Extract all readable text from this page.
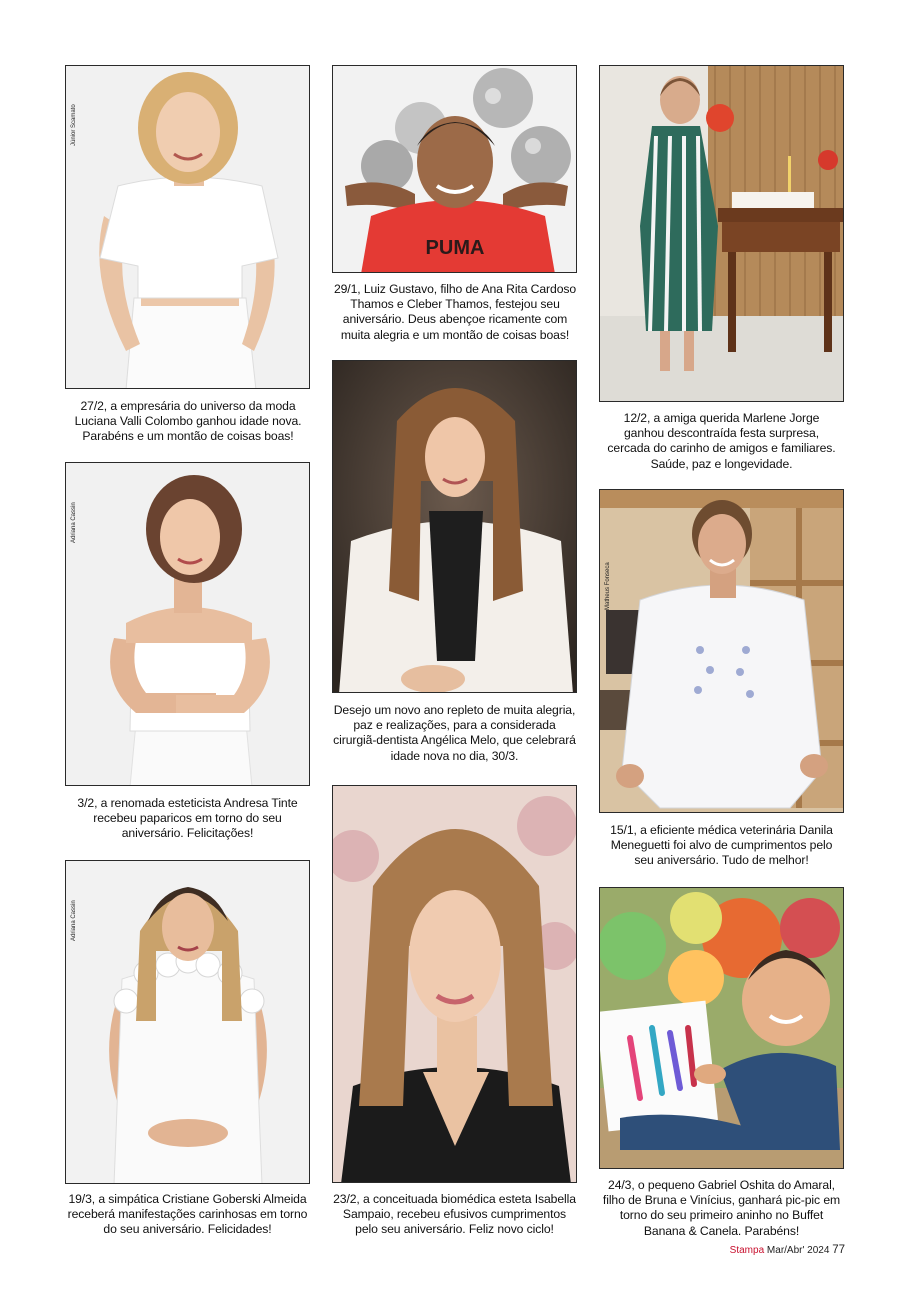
Júnior Scamato
27/2, a empresária do universo da moda Luciana Valli Colombo ganhou idade nova. Parabéns e um montão de coisas boas!
PUMA
29/1, Luiz Gustavo, filho de Ana Rita Cardoso Thamos e Cleber Thamos, festejou seu aniversário. Deus abençoe ricamente com muita alegria e um montão de coisas boas!
12/2, a amiga querida Marlene Jorge ganhou descontraída festa surpresa, cercada do carinho de amigos e familiares. Saúde, paz e longevidade.
Adriana Cassin
3/2, a renomada esteticista Andresa Tinte recebeu paparicos em torno do seu aniversário. Felicitações!
Desejo um novo ano repleto de muita alegria, paz e realizações, para a considerada cirurgiã-dentista Angélica Melo, que celebrará idade nova no dia, 30/3.
Matheus Fonseca
15/1, a eficiente médica veterinária Danila Meneguetti foi alvo de cumprimentos pelo seu aniversário. Tudo de melhor!
Adriana Cassin
19/3, a simpática Cristiane Goberski Almeida receberá manifestações carinhosas em torno do seu aniversário. Felicidades!
23/2, a conceituada biomédica esteta Isabella Sampaio, recebeu efusivos cumprimentos pelo seu aniversário. Feliz novo ciclo!
24/3, o pequeno Gabriel Oshita do Amaral, filho de Bruna e Vinícius, ganhará pic-pic em torno do seu primeiro aninho no Buffet Banana & Canela. Parabéns!
Stampa Mar/Abr' 2024 77
